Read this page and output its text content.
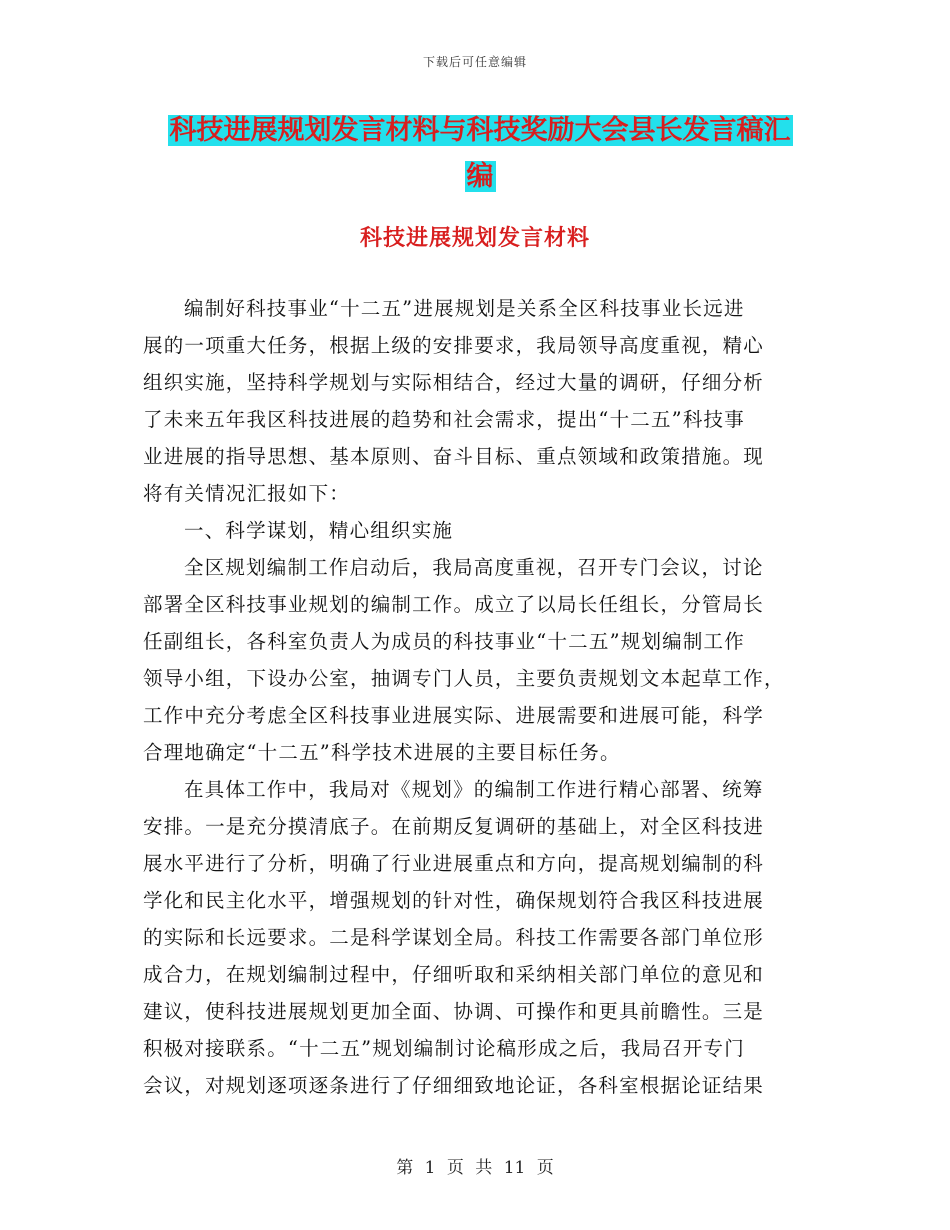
下载后可任意编辑
科技进展规划发言材料与科技奖励大会县长发言稿汇
编
科技进展规划发言材料
编制好科技事业“十二五”进展规划是关系全区科技事业长远进
展的一项重大任务，根据上级的安排要求，我局领导高度重视，精心
组织实施，坚持科学规划与实际相结合，经过大量的调研，仔细分析
了未来五年我区科技进展的趋势和社会需求，提出“十二五”科技事
业进展的指导思想、基本原则、奋斗目标、重点领域和政策措施。现
将有关情况汇报如下：
一、科学谋划，精心组织实施
全区规划编制工作启动后，我局高度重视，召开专门会议，讨论
部署全区科技事业规划的编制工作。成立了以局长任组长，分管局长
任副组长，各科室负责人为成员的科技事业“十二五”规划编制工作
领导小组，下设办公室，抽调专门人员，主要负责规划文本起草工作，
工作中充分考虑全区科技事业进展实际、进展需要和进展可能，科学
合理地确定“十二五”科学技术进展的主要目标任务。
在具体工作中，我局对《规划》的编制工作进行精心部署、统筹
安排。一是充分摸清底子。在前期反复调研的基础上，对全区科技进
展水平进行了分析，明确了行业进展重点和方向，提高规划编制的科
学化和民主化水平，增强规划的针对性，确保规划符合我区科技进展
的实际和长远要求。二是科学谋划全局。科技工作需要各部门单位形
成合力，在规划编制过程中，仔细听取和采纳相关部门单位的意见和
建议，使科技进展规划更加全面、协调、可操作和更具前瞻性。三是
积极对接联系。“十二五”规划编制讨论稿形成之后，我局召开专门
会议，对规划逐项逐条进行了仔细细致地论证，各科室根据论证结果
第 1 页 共 11 页
